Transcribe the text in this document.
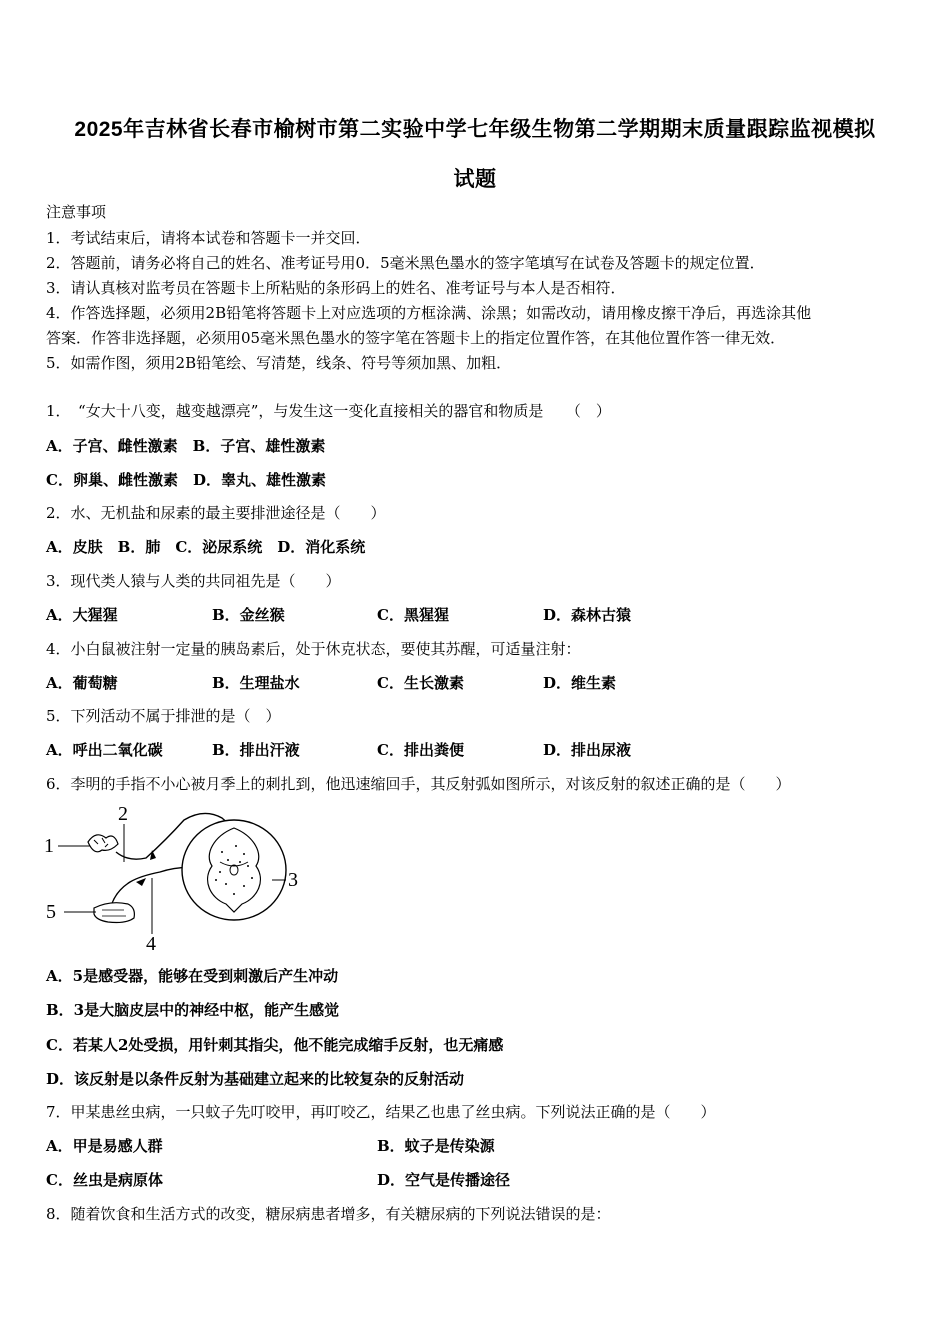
2025年吉林省长春市榆树市第二实验中学七年级生物第二学期期末质量跟踪监视模拟
试题
注意事项
1．考试结束后，请将本试卷和答题卡一并交回．
2．答题前，请务必将自己的姓名、准考证号用0．5毫米黑色墨水的签字笔填写在试卷及答题卡的规定位置．
3．请认真核对监考员在答题卡上所粘贴的条形码上的姓名、准考证号与本人是否相符．
4．作答选择题，必须用2B铅笔将答题卡上对应选项的方框涂满、涂黑；如需改动，请用橡皮擦干净后，再选涂其他
答案．作答非选择题，必须用05毫米黑色墨水的签字笔在答题卡上的指定位置作答，在其他位置作答一律无效．
5．如需作图，须用2B铅笔绘、写清楚，线条、符号等须加黑、加粗．
1．　“女大十八变，越变越漂亮”，与发生这一变化直接相关的器官和物质是　　（　）
A．子宫、雌性激素　B．子宫、雄性激素
C．卵巢、雌性激素　D．睾丸、雄性激素
2．水、无机盐和尿素的最主要排泄途径是（　　）
A．皮肤　B．肺　C．泌尿系统　D．消化系统
3．现代类人猿与人类的共同祖先是（　　）
A．大猩猩	B．金丝猴	C．黑猩猩	D．森林古猿
4．小白鼠被注射一定量的胰岛素后，处于休克状态，要使其苏醒，可适量注射：
A．葡萄糖	B．生理盐水	C．生长激素	D．维生素
5．下列活动不属于排泄的是（　）
A．呼出二氧化碳	B．排出汗液	C．排出粪便	D．排出尿液
6．李明的手指不小心被月季上的刺扎到，他迅速缩回手，其反射弧如图所示，对该反射的叙述正确的是（　　）
1
2
3
4
5
A．5是感受器，能够在受到刺激后产生冲动
B．3是大脑皮层中的神经中枢，能产生感觉
C．若某人2处受损，用针刺其指尖，他不能完成缩手反射，也无痛感
D．该反射是以条件反射为基础建立起来的比较复杂的反射活动
7．甲某患丝虫病，一只蚊子先叮咬甲，再叮咬乙，结果乙也患了丝虫病。下列说法正确的是（　　）
A．甲是易感人群	B．蚊子是传染源
C．丝虫是病原体	D．空气是传播途径
8．随着饮食和生活方式的改变，糖尿病患者增多，有关糖尿病的下列说法错误的是：
